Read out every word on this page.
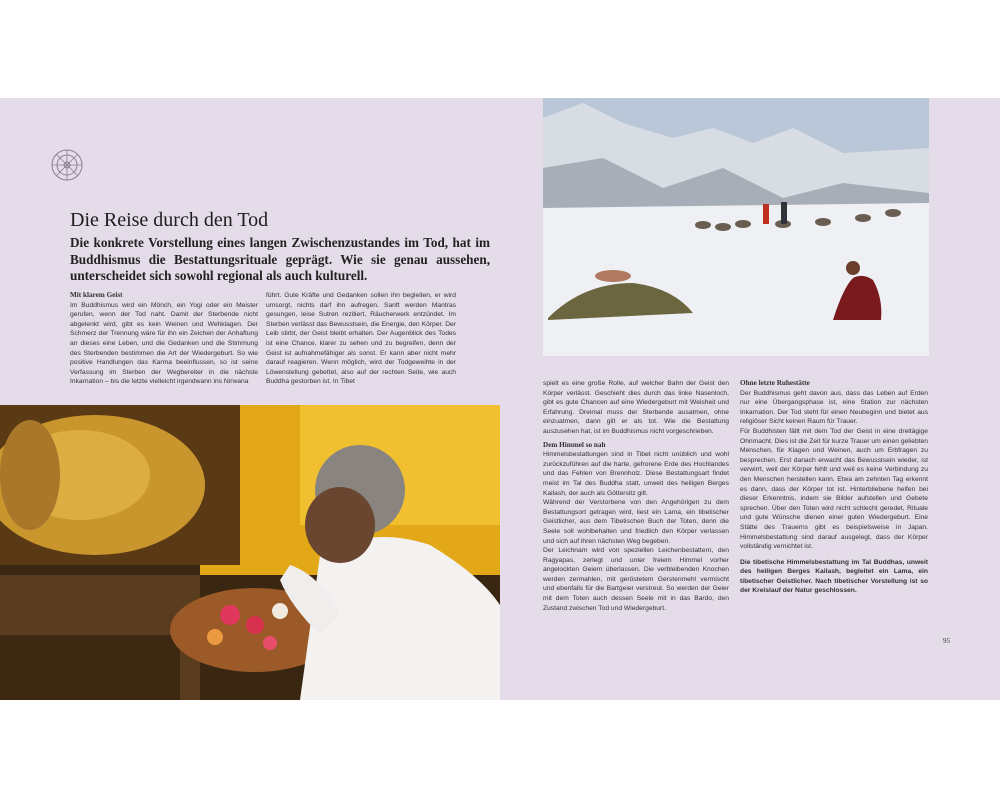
Die Reise durch den Tod
Die konkrete Vorstellung eines langen Zwischenzustandes im Tod, hat im Buddhismus die Bestattungsrituale geprägt. Wie sie genau aussehen, unterscheidet sich sowohl regional als auch kulturell.

Mit klarem Geist

Im Buddhismus wird ein Mönch, ein Yogi oder ein Meister gerufen, wenn der Tod naht. Damit der Sterbende nicht abgelenkt wird, gibt es kein Weinen und Wehklagen. Der Schmerz der Trennung wäre für ihn ein Zeichen der Anhaftung an dieses eine Leben, und die Gedanken und die Stimmung des Sterbenden bestimmen die Art der Wiedergeburt. So wie positive Handlungen das Karma beeinflussen, so ist seine Verfassung im Sterben der Wegbereiter in die nächste Inkarnation – bis die letzte vielleicht irgendwann ins Nirwana

führt. Gute Kräfte und Gedanken sollen ihn begleiten, er wird umsorgt, nichts darf ihn aufregen. Sanft werden Mantras gesungen, leise Sutren rezitiert, Räucherwerk entzündet. Im Sterben verlässt das Bewusstsein, die Energie, den Körper. Der Leib stirbt, der Geist bleibt erhalten. Der Augenblick des Todes ist eine Chance, klarer zu sehen und zu begreifen, denn der Geist ist aufnahmefähiger als sonst. Er kann aber nicht mehr darauf reagieren. Wenn möglich, wird der Todgeweihte in der Löwenstellung gebettet, also auf der rechten Seite, wie auch Buddha gestorben ist. In Tibet	spielt es eine große Rolle, auf welcher Bahn der Geist den Körper verlässt. Geschieht dies durch das linke Nasenloch, gibt es gute Chancen auf eine Wiedergeburt mit Weisheit und Erfahrung. Dreimal muss der Sterbende ausatmen, ohne einzuatmen, dann gilt er als tot. Wie die Bestattung auszusehen hat, ist im Buddhismus nicht vorgeschrieben.

Dem Himmel so nah

Himmelsbestattungen sind in Tibet nicht unüblich und wohl zurückzuführen auf die harte, gefrorene Erde des Hochlandes und das Fehlen von Brennholz. Diese Bestattungsart findet meist im Tal des Buddha statt, unweit des heiligen Berges Kailash, der auch als Göttersitz gilt.

Während der Verstorbene von den Angehörigen zu dem Bestattungsort getragen wird, liest ein Lama, ein tibetischer Geistlicher, aus dem Tibetischen Buch der Toten, denn die Seele soll wohlbehalten und friedlich den Körper verlassen und sich auf ihren nächsten Weg begeben.

Der Leichnam wird von speziellen Leichenbestattern, den Ragyapas, zerlegt und unter freiem Himmel vorher angelockten Geiern überlassen. Die verbleibenden Knochen werden zermahlen, mit geröstetem Gerstenmehl vermischt und ebenfalls für die Bartgeier verstreut. So werden der Geier mit dem Toten auch dessen Seele mit in das Bardo, den Zustand zwischen Tod und Wiedergeburt.

Ohne letzte Ruhestätte

Der Buddhismus geht davon aus, dass das Leben auf Erden nur eine Übergangsphase ist, eine Station zur nächsten Inkarnation. Der Tod steht für einen Neubeginn und bietet aus religiöser Sicht keinen Raum für Trauer.

Für Buddhisten fällt mit dem Tod der Geist in eine dreitägige Ohnmacht. Dies ist die Zeit für kurze Trauer um einen geliebten Menschen, für Klagen und Weinen, auch um Erbfragen zu besprechen. Erst danach erwacht das Bewusstsein wieder, ist verwirrt, weil der Körper fehlt und weil es keine Verbindung zu den Menschen herstellen kann. Etwa am zehnten Tag erkennt es dann, dass der Körper tot ist. Hinterbliebene helfen bei dieser Erkenntnis, indem sie Bilder aufstellen und Gebete sprechen. Über den Toten wird nicht schlecht geredet, Rituale und gute Wünsche dienen einer guten Wiedergeburt. Eine Stätte des Trauerns gibt es beispielsweise in Japan. Himmelsbestattung sind darauf ausgelegt, dass der Körper vollständig vernichtet ist.

Die tibetische Himmelsbestattung im Tal Buddhas, unweit des heiligen Berges Kailash, begleitet ein Lama, ein tibetischer Geistlicher. Nach tibetischer Vorstellung ist so der Kreislauf der Natur geschlossen.

95
